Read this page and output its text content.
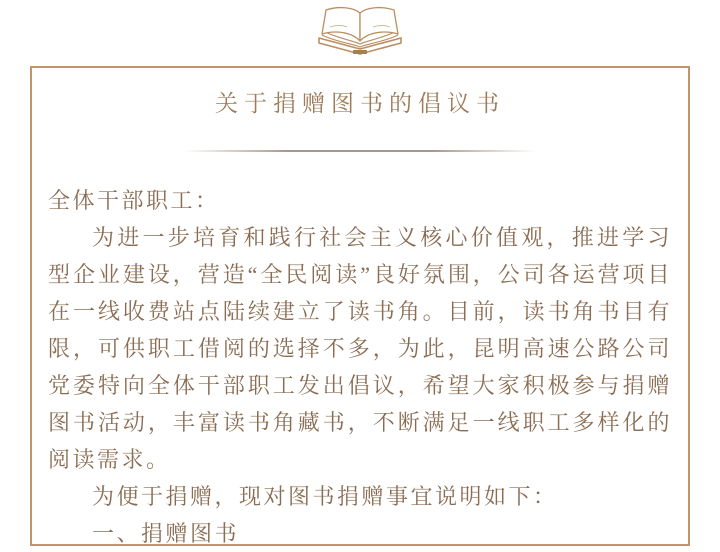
关于捐赠图书的倡议书

全体干部职工：

为进一步培育和践行社会主义核心价值观，推进学习型企业建设，营造“全民阅读”良好氛围，公司各运营项目在一线收费站点陆续建立了读书角。目前，读书角书目有限，可供职工借阅的选择不多，为此，昆明高速公路公司党委特向全体干部职工发出倡议，希望大家积极参与捐赠图书活动，丰富读书角藏书，不断满足一线职工多样化的阅读需求。

为便于捐赠，现对图书捐赠事宜说明如下：

一、捐赠图书
